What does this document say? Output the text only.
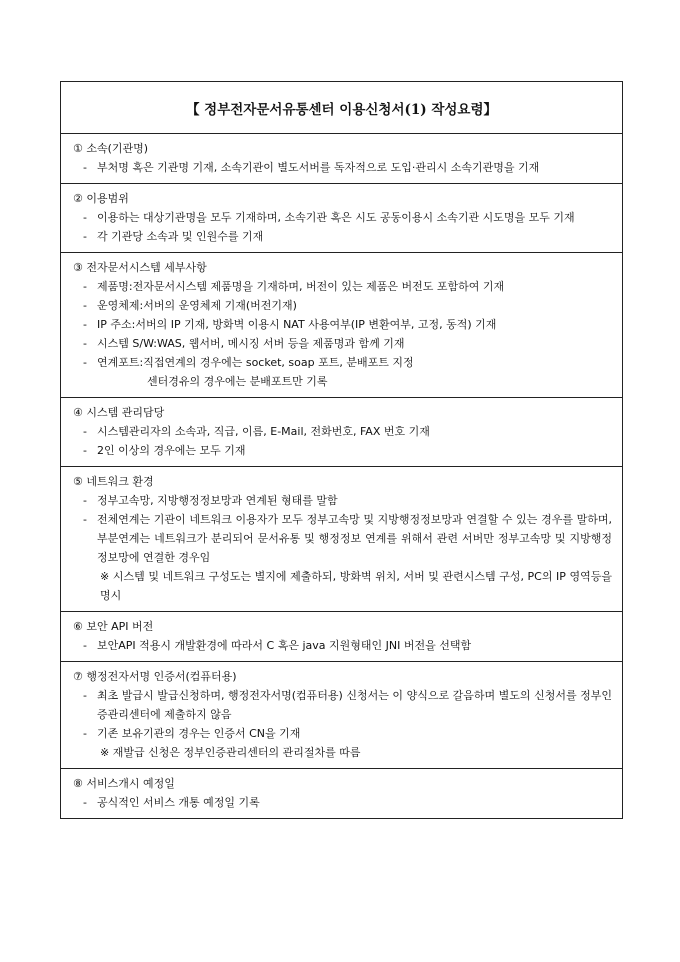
【 정부전자문서유통센터 이용신청서(1) 작성요령】
① 소속(기관명)
- 부처명 혹은 기관명 기재, 소속기관이 별도서버를 독자적으로 도입·관리시 소속기관명을 기재
② 이용범위
- 이용하는 대상기관명을 모두 기재하며, 소속기관 혹은 시도 공동이용시 소속기관 시도명을 모두 기재
- 각 기관당 소속과 및 인원수를 기재
③ 전자문서시스템 세부사항
- 제품명:전자문서시스템 제품명을 기재하며, 버전이 있는 제품은 버전도 포함하여 기재
- 운영체제:서버의 운영체제 기재(버전기재)
- IP 주소:서버의 IP 기재, 방화벽 이용시 NAT 사용여부(IP 변환여부, 고정, 동적) 기재
- 시스템 S/W:WAS, 웹서버, 메시징 서버 등을 제품명과 함께 기재
- 연계포트:직접연계의 경우에는 socket, soap 포트, 분배포트 지정
센터경유의 경우에는 분배포트만 기록
④ 시스템 관리담당
- 시스템관리자의 소속과, 직급, 이름, E-Mail, 전화번호, FAX 번호 기재
- 2인 이상의 경우에는 모두 기재
⑤ 네트워크 환경
- 정부고속망, 지방행정정보망과 연계된 형태를 말함
- 전체연계는 기관이 네트워크 이용자가 모두 정부고속망 및 지방행정정보망과 연결할 수 있는 경우를 말하며, 부분연계는 네트워크가 분리되어 문서유통 및 행정정보 연계를 위해서 관련 서버만 정부고속망 및 지방행정정보망에 연결한 경우임
※ 시스템 및 네트워크 구성도는 별지에 제출하되, 방화벽 위치, 서버 및 관련시스템 구성, PC의 IP 영역등을 명시
⑥ 보안 API 버전
- 보안API 적용시 개발환경에 따라서 C 혹은 java 지원형태인 JNI 버전을 선택함
⑦ 행정전자서명 인증서(컴퓨터용)
- 최초 발급시 발급신청하며, 행정전자서명(컴퓨터용) 신청서는 이 양식으로 갈음하며 별도의 신청서를 정부인증관리센터에 제출하지 않음
- 기존 보유기관의 경우는 인증서 CN을 기재
※ 재발급 신청은 정부인증관리센터의 관리절차를 따름
⑧ 서비스개시 예정일
- 공식적인 서비스 개통 예정일 기록
